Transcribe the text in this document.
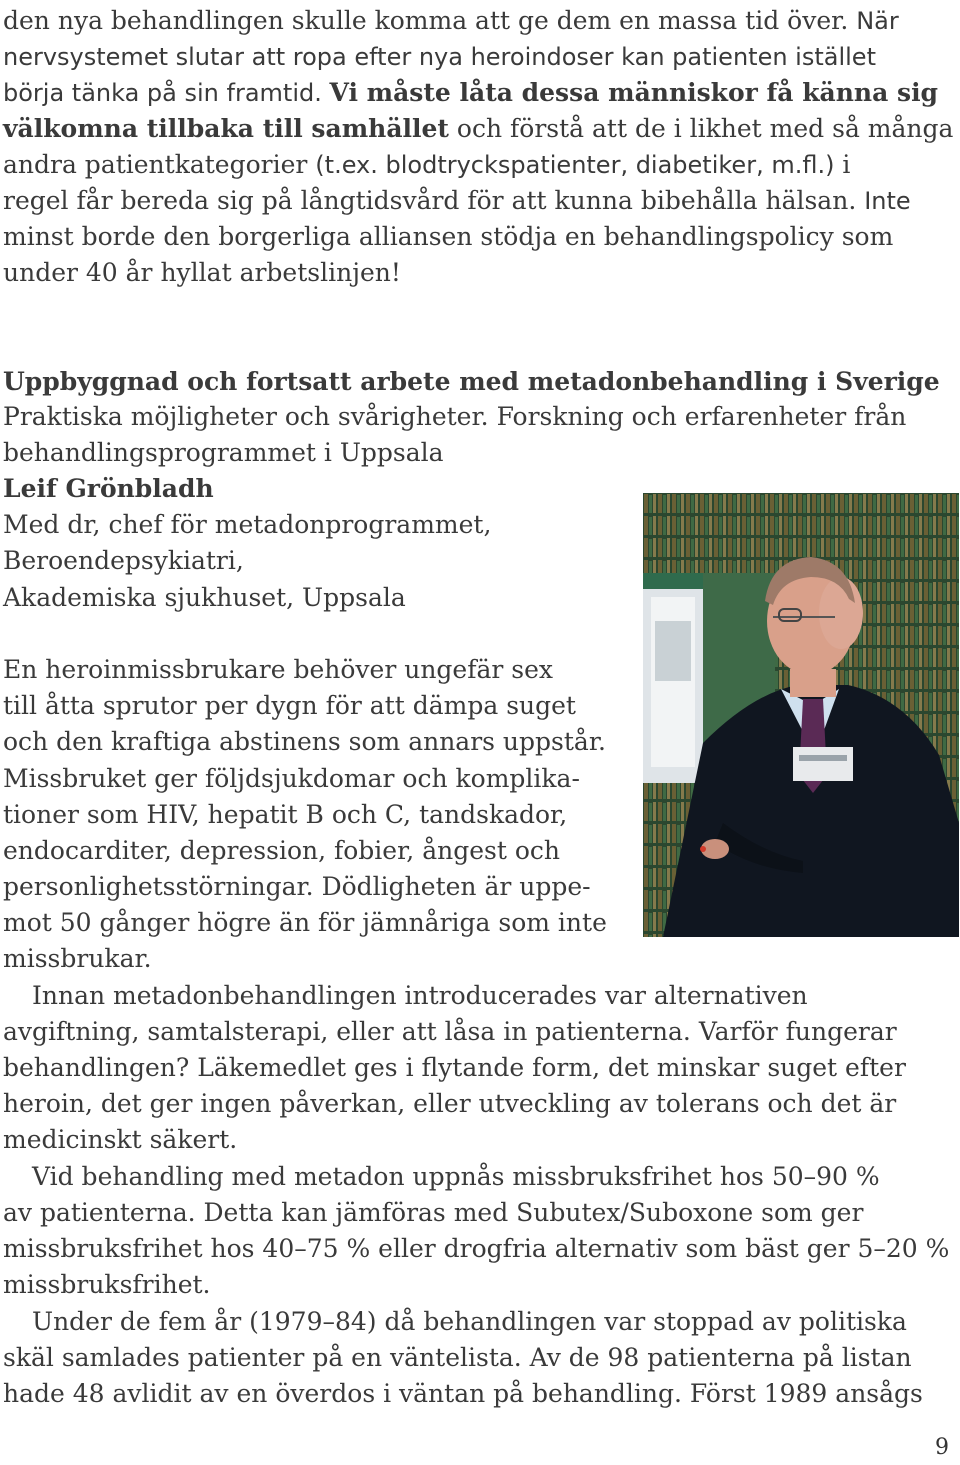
den nya behandlingen skulle komma att ge dem en massa tid över. När
nervsystemet slutar att ropa efter nya heroindoser kan patienten istället
börja tänka på sin framtid. Vi måste låta dessa människor få känna sig
välkomna tillbaka till samhället och förstå att de i likhet med så många
andra patientkategorier (t.ex. blodtryckspatienter, diabetiker, m.fl.) i
regel får bereda sig på långtidsvård för att kunna bibehålla hälsan. Inte
minst borde den borgerliga alliansen stödja en behandlingspolicy som
under 40 år hyllat arbetslinjen!
Uppbyggnad och fortsatt arbete med metadonbehandling i Sverige
Praktiska möjligheter och svårigheter. Forskning och erfarenheter från
behandlingsprogrammet i Uppsala
Leif Grönbladh
Med dr, chef för metadonprogrammet,
Beroendepsykiatri,
Akademiska sjukhuset, Uppsala
En heroinmissbrukare behöver ungefär sex
till åtta sprutor per dygn för att dämpa suget
och den kraftiga abstinens som annars uppstår.
Missbruket ger följdsjukdomar och komplika-
tioner som HIV, hepatit B och C, tandskador,
endocarditer, depression, fobier, ångest och
personlighetsstörningar. Dödligheten är uppe-
mot 50 gånger högre än för jämnåriga som inte
missbrukar.
Innan metadonbehandlingen introducerades var alternativen
avgiftning, samtalsterapi, eller att låsa in patienterna. Varför fungerar
behandlingen? Läkemedlet ges i flytande form, det minskar suget efter
heroin, det ger ingen påverkan, eller utveckling av tolerans och det är
medicinskt säkert.
Vid behandling med metadon uppnås missbruksfrihet hos 50–90 %
av patienterna. Detta kan jämföras med Subutex/Suboxone som ger
missbruksfrihet hos 40–75 % eller drogfria alternativ som bäst ger 5–20 %
missbruksfrihet.
Under de fem år (1979–84) då behandlingen var stoppad av politiska
skäl samlades patienter på en väntelista. Av de 98 patienterna på listan
hade 48 avlidit av en överdos i väntan på behandling. Först 1989 ansågs
9
